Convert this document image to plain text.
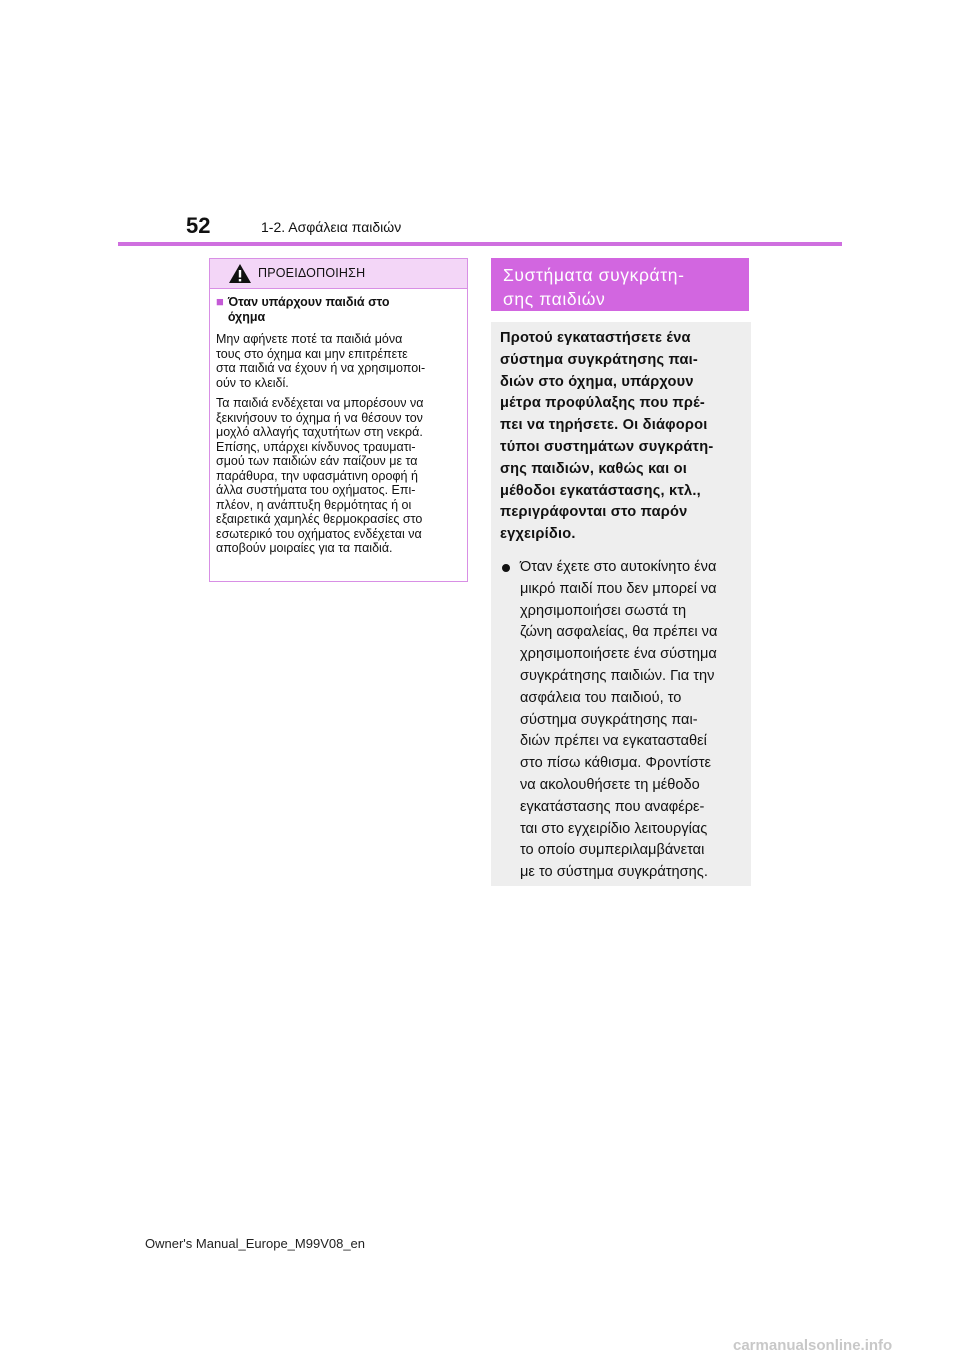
52	1-2. Ασφάλεια παιδιών
ΠΡΟΕΙΔΟΠΟΙΗΣΗ
■ Όταν υπάρχουν παιδιά στο
όχημα
Μην αφήνετε ποτέ τα παιδιά μόνα
τους στο όχημα και μην επιτρέπετε
στα παιδιά να έχουν ή να χρησιμοποι-
ούν το κλειδί.
Τα παιδιά ενδέχεται να μπορέσουν να
ξεκινήσουν το όχημα ή να θέσουν τον
μοχλό αλλαγής ταχυτήτων στη νεκρά.
Επίσης, υπάρχει κίνδυνος τραυματι-
σμού των παιδιών εάν παίζουν με τα
παράθυρα, την υφασμάτινη οροφή ή
άλλα συστήματα του οχήματος. Επι-
πλέον, η ανάπτυξη θερμότητας ή οι
εξαιρετικά χαμηλές θερμοκρασίες στο
εσωτερικό του οχήματος ενδέχεται να
αποβούν μοιραίες για τα παιδιά.
Συστήματα συγκράτη-
σης παιδιών
Προτού εγκαταστήσετε ένα
σύστημα συγκράτησης παι-
διών στο όχημα, υπάρχουν
μέτρα προφύλαξης που πρέ-
πει να τηρήσετε. Οι διάφοροι
τύποι συστημάτων συγκράτη-
σης παιδιών, καθώς και οι
μέθοδοι εγκατάστασης, κτλ.,
περιγράφονται στο παρόν
εγχειρίδιο.
Όταν έχετε στο αυτοκίνητο ένα
μικρό παιδί που δεν μπορεί να
χρησιμοποιήσει σωστά τη
ζώνη ασφαλείας, θα πρέπει να
χρησιμοποιήσετε ένα σύστημα
συγκράτησης παιδιών. Για την
ασφάλεια του παιδιού, το
σύστημα συγκράτησης παι-
διών πρέπει να εγκατασταθεί
στο πίσω κάθισμα. Φροντίστε
να ακολουθήσετε τη μέθοδο
εγκατάστασης που αναφέρε-
ται στο εγχειρίδιο λειτουργίας
το οποίο συμπεριλαμβάνεται
με το σύστημα συγκράτησης.
Owner's Manual_Europe_M99V08_en
carmanualsonline.info
